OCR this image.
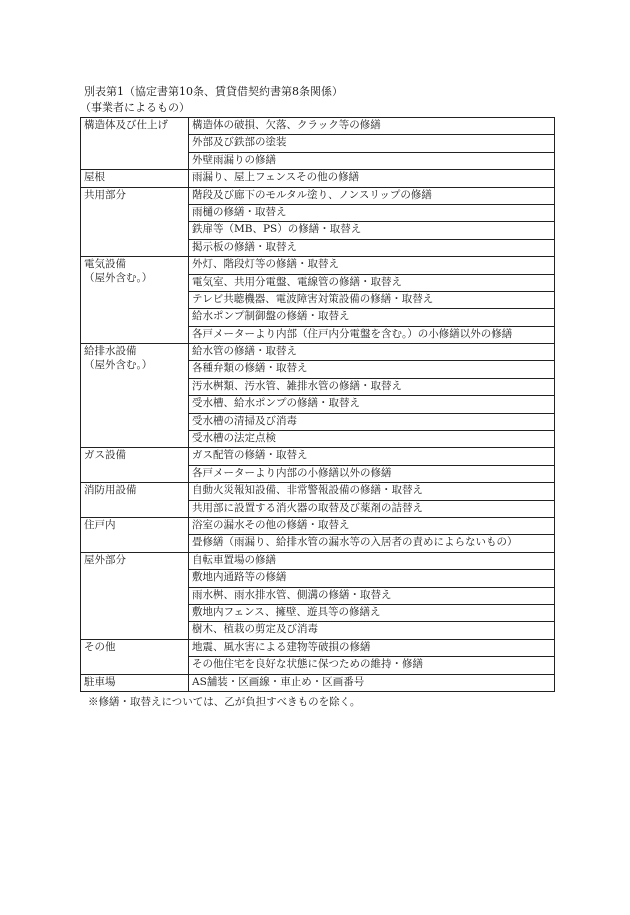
別表第1（協定書第10条、賃貸借契約書第8条関係）
（事業者によるもの）
構造体及び仕上げ	構造体の破損、欠落、クラック等の修繕
	外部及び鉄部の塗装
	外壁雨漏りの修繕

屋根	雨漏り、屋上フェンスその他の修繕

共用部分	階段及び廊下のモルタル塗り、ノンスリップの修繕
	雨樋の修繕・取替え
	鉄扉等（MB、PS）の修繕・取替え
	掲示板の修繕・取替え

電気設備
（屋外含む。）	外灯、階段灯等の修繕・取替え
	電気室、共用分電盤、電線管の修繕・取替え
	テレビ共聴機器、電波障害対策設備の修繕・取替え
	給水ポンプ制御盤の修繕・取替え
	各戸メーターより内部（住戸内分電盤を含む。）の小修繕以外の修繕

給排水設備
（屋外含む。）	給水管の修繕・取替え
	各種弁類の修繕・取替え
	汚水桝類、汚水管、雑排水管の修繕・取替え
	受水槽、給水ポンプの修繕・取替え
	受水槽の清掃及び消毒
	受水槽の法定点検

ガス設備	ガス配管の修繕・取替え
	各戸メーターより内部の小修繕以外の修繕

消防用設備	自動火災報知設備、非常警報設備の修繕・取替え
	共用部に設置する消火器の取替及び薬剤の詰替え

住戸内	浴室の漏水その他の修繕・取替え
	畳修繕（雨漏り、給排水管の漏水等の入居者の責めによらないもの）

屋外部分	自転車置場の修繕
	敷地内通路等の修繕
	雨水桝、雨水排水管、側溝の修繕・取替え
	敷地内フェンス、擁壁、遊具等の修繕え
	樹木、植栽の剪定及び消毒

その他	地震、風水害による建物等破損の修繕
	その他住宅を良好な状態に保つための維持・修繕

駐車場	AS舗装・区画線・車止め・区画番号
※修繕・取替えについては、乙が負担すべきものを除く。
